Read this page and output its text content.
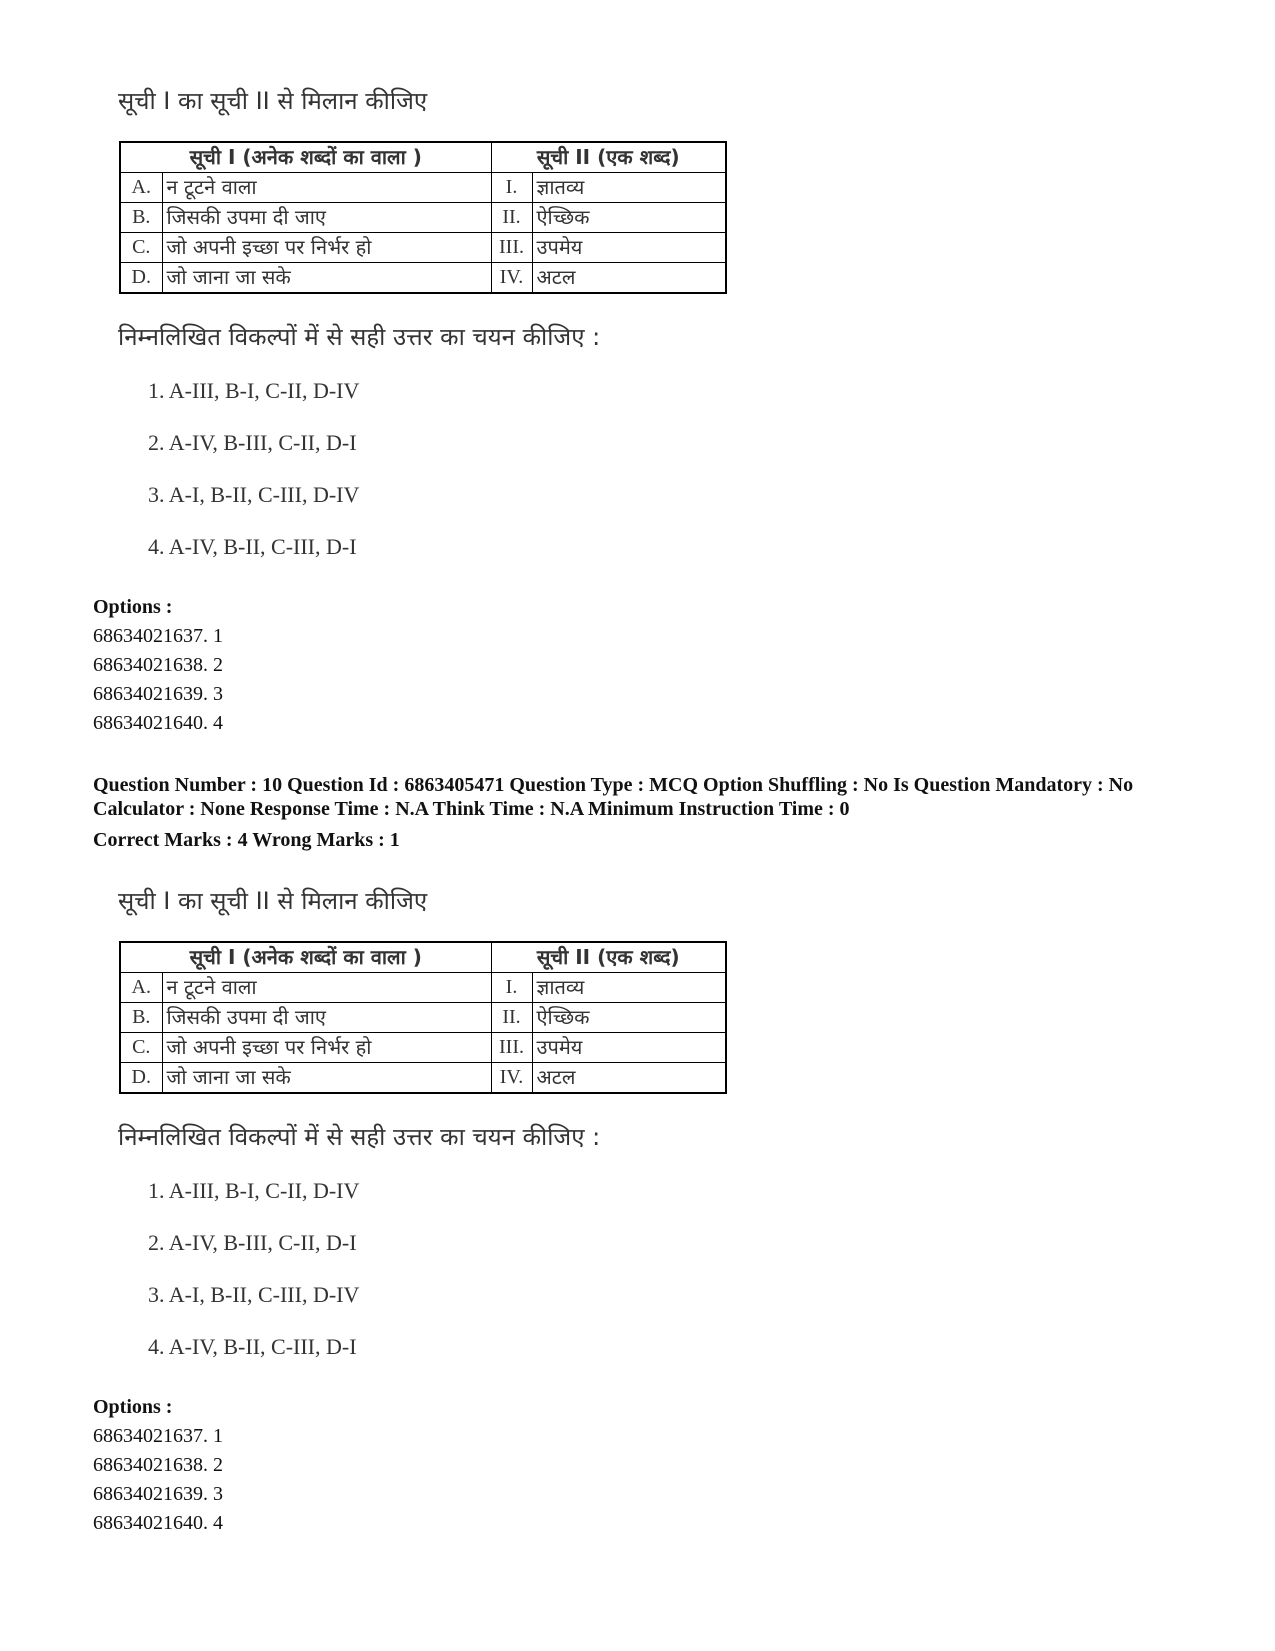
सूची I का सूची II से मिलान कीजिए
सूची I (अनेक शब्दों का वाला )		सूची II (एक शब्द)	
A.	न टूटने वाला	I.	ज्ञातव्य
B.	जिसकी उपमा दी जाए	II.	ऐच्छिक
C.	जो अपनी इच्छा पर निर्भर हो	III.	उपमेय
D.	जो जाना जा सके	IV.	अटल
निम्नलिखित विकल्पों में से सही उत्तर का चयन कीजिए :
1. A-III, B-I, C-II, D-IV
2. A-IV, B-III, C-II, D-I
3. A-I, B-II, C-III, D-IV
4. A-IV, B-II, C-III, D-I
Options :
68634021637. 1
68634021638. 2
68634021639. 3
68634021640. 4
Question Number : 10 Question Id : 6863405471 Question Type : MCQ Option Shuffling : No Is Question Mandatory : No Calculator : None Response Time : N.A Think Time : N.A Minimum Instruction Time : 0
Correct Marks : 4 Wrong Marks : 1
सूची I का सूची II से मिलान कीजिए
सूची I (अनेक शब्दों का वाला )		सूची II (एक शब्द)	
A.	न टूटने वाला	I.	ज्ञातव्य
B.	जिसकी उपमा दी जाए	II.	ऐच्छिक
C.	जो अपनी इच्छा पर निर्भर हो	III.	उपमेय
D.	जो जाना जा सके	IV.	अटल
निम्नलिखित विकल्पों में से सही उत्तर का चयन कीजिए :
1. A-III, B-I, C-II, D-IV
2. A-IV, B-III, C-II, D-I
3. A-I, B-II, C-III, D-IV
4. A-IV, B-II, C-III, D-I
Options :
68634021637. 1
68634021638. 2
68634021639. 3
68634021640. 4
